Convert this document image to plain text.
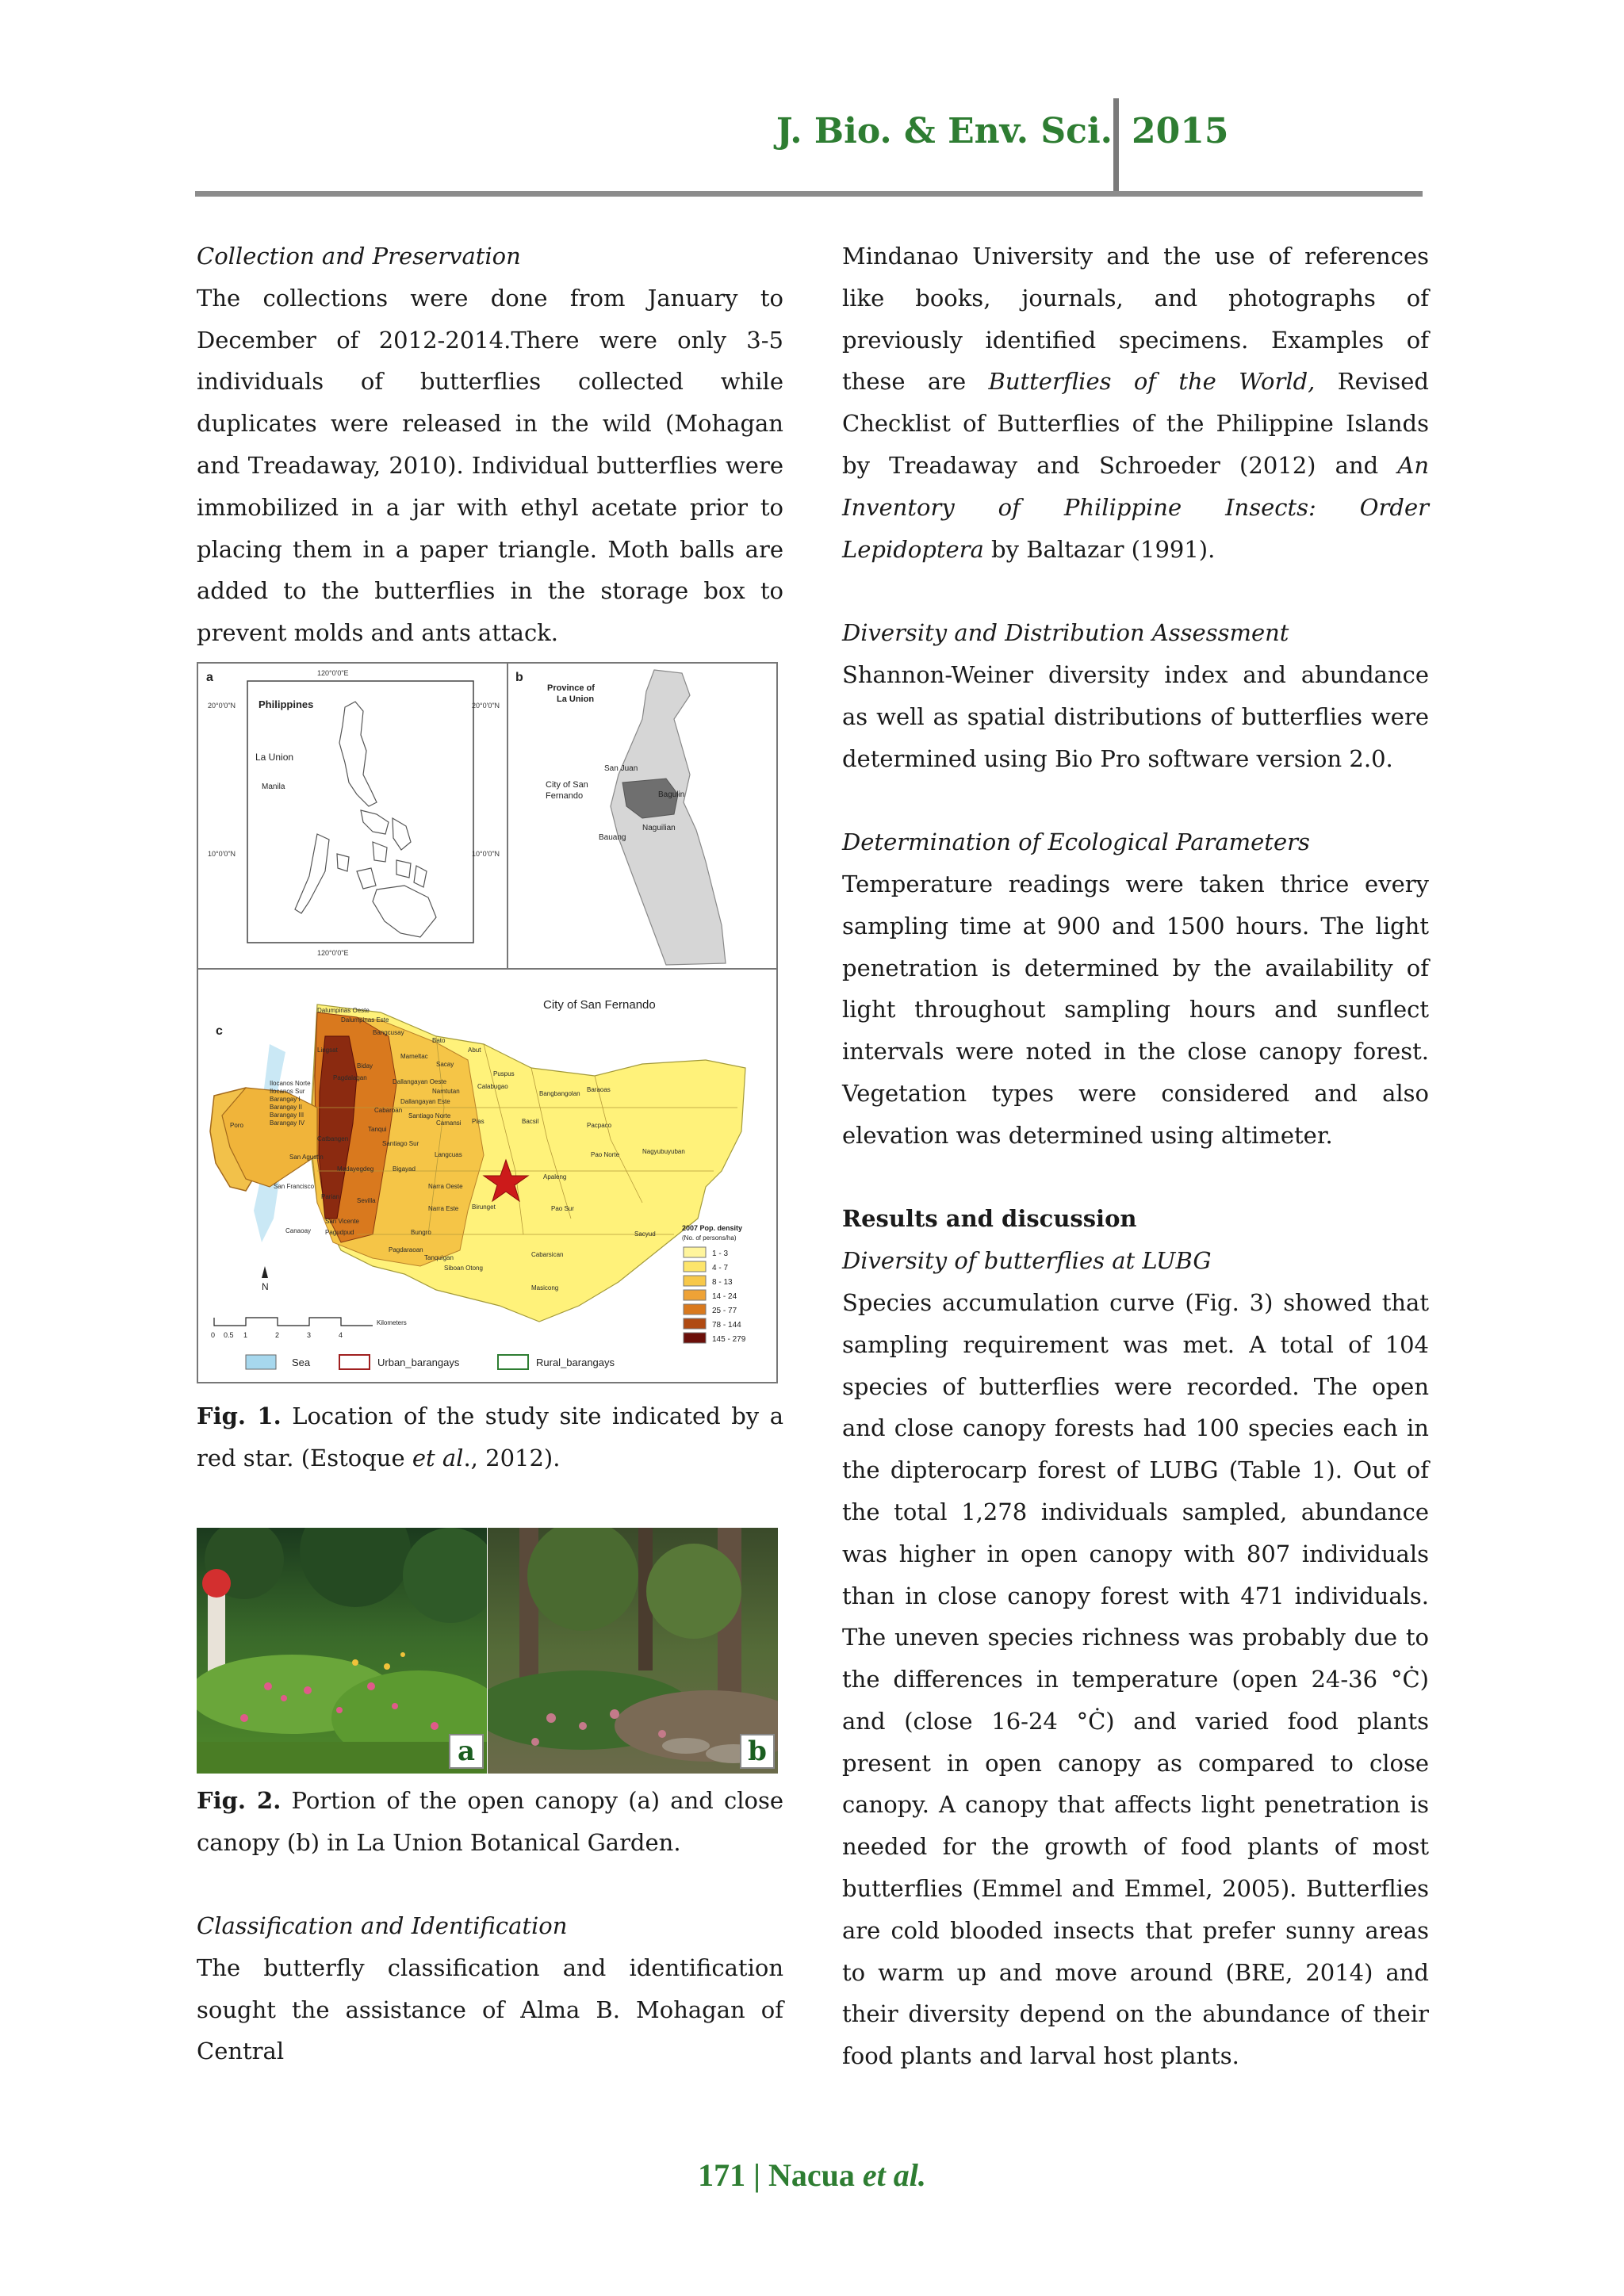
J. Bio. & Env. Sci. 2015

Collection and Preservation

The collections were done from January to December of 2012-2014.There were only 3-5 individuals of butterflies collected while duplicates were released in the wild (Mohagan and Treadaway, 2010). Individual butterflies were immobilized in a jar with ethyl acetate prior to placing them in a paper triangle. Moth balls are added to the butterflies in the storage box to prevent molds and ants attack.

a	120°0'0"E
120°0'0"E
20°0'0"N	20°0'0"N
10°0'0"N	10°0'0"N
Philippines
La Union
Manila
b
Province of
La Union
San Juan
Bagulin
City of San
Fernando
Naguilian
Bauang
c
City of San Fernando
2007 Pop. density
(No. of persons/ha)
1 - 3
4 - 7
8 - 13
14 - 24
25 - 77
78 - 144
145 - 279
N
0 0.5 1	2	3	4
Kilometers
Sea	Urban_barangays	Rural_barangays
Dalumpinas Oeste
Dalumpinas Este
Bangcusay
Bato
Abut
Lingsat
Biday
Mameltac
Sacay
Puspus
Baraoas
Dallangayan Oeste
Namtutan
Calabugao
Bangbangolan
Ilocanos Norte
Ilocanos Sur
Barangay I
Barangay II
Barangay III
Barangay IV
Pagdalagan
Dallangayan Este
Cabaroan
Santiago Norte
Camansi Pias	Bacsil
Pacpaco
Poro
Tanqui
Catbangen
Santiago Sur
Langcuas	Pao Norte	Nagyubuyuban
San Agustin
Madayegdeg	Bigayad
Narra Oeste
Apaleng
San Francisco
Parian
Sevilla
Birunget	Pao Sur
Narra Este
San Vicente
Canaoay Pagudpud	Bungro	Sacyud
Pagdaraoan
Tanquigan	Cabarsican
Siboan Otong
Masicong
Fig. 1. Location of the study site indicated by a red star. (Estoque et al., 2012).
a	b
Fig. 2. Portion of the open canopy (a) and close canopy (b) in La Union Botanical Garden.

Classification and Identification

The butterfly classification and identification sought the assistance of Alma B. Mohagan of Central

Mindanao University and the use of references like books, journals, and photographs of previously identified specimens. Examples of these are Butterflies of the World, Revised Checklist of Butterflies of the Philippine Islands by Treadaway and Schroeder (2012) and An Inventory of Philippine Insects: Order Lepidoptera by Baltazar (1991).

Diversity and Distribution Assessment

Shannon-Weiner diversity index and abundance as well as spatial distributions of butterflies were determined using Bio Pro software version 2.0.

Determination of Ecological Parameters

Temperature readings were taken thrice every sampling time at 900 and 1500 hours. The light penetration is determined by the availability of light throughout sampling hours and sunflect intervals were noted in the close canopy forest. Vegetation types were considered and also elevation was determined using altimeter.

Results and discussion

Diversity of butterflies at LUBG

Species accumulation curve (Fig. 3) showed that sampling requirement was met. A total of 104 species of butterflies were recorded. The open and close canopy forests had 100 species each in the dipterocarp forest of LUBG (Table 1). Out of the total 1,278 individuals sampled, abundance was higher in open canopy with 807 individuals than in close canopy forest with 471 individuals. The uneven species richness was probably due to the differences in temperature (open 24-36 °Ċ) and (close 16-24 °Ċ) and varied food plants present in open canopy as compared to close canopy. A canopy that affects light penetration is needed for the growth of food plants of most butterflies (Emmel and Emmel, 2005). Butterflies are cold blooded insects that prefer sunny areas to warm up and move around (BRE, 2014) and their diversity depend on the abundance of their food plants and larval host plants.

171 | Nacua et al.
